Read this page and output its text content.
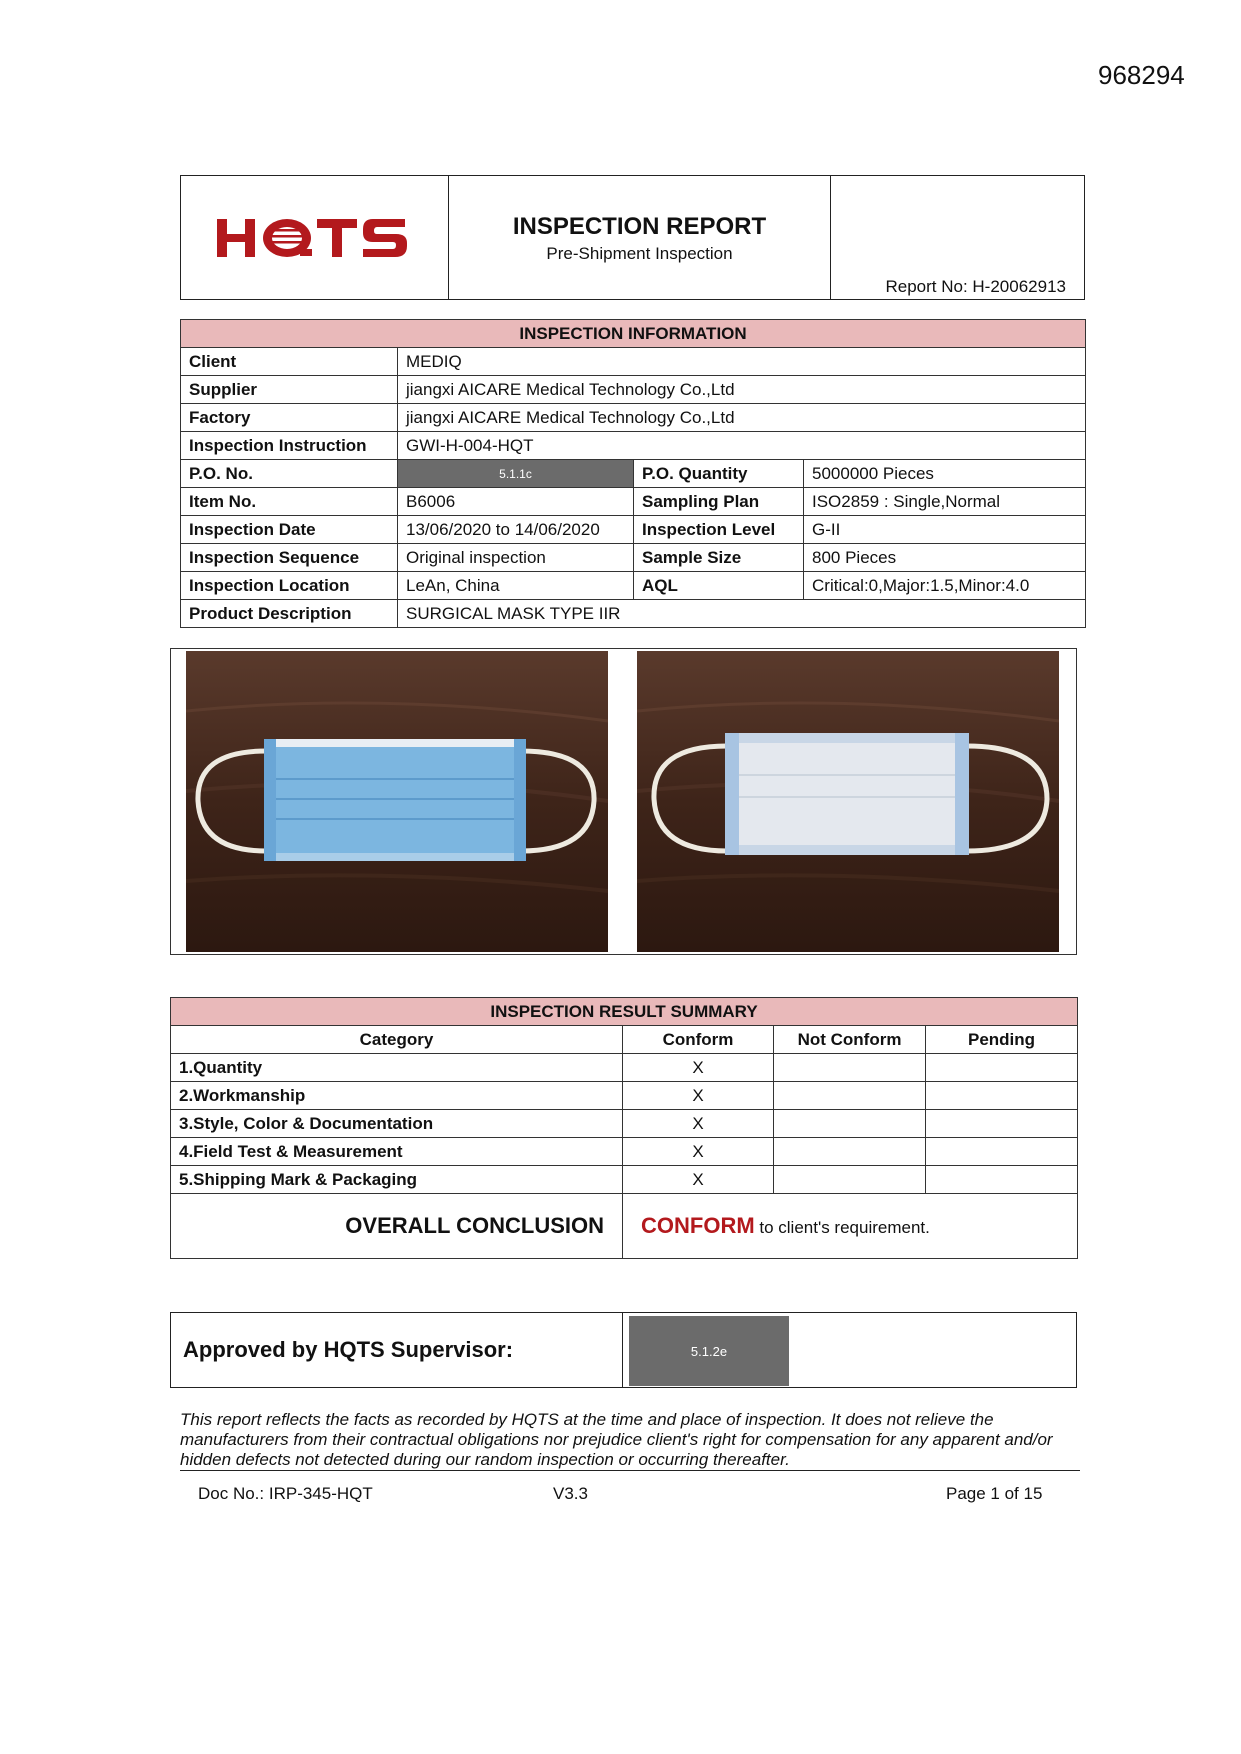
968294
INSPECTION REPORT
Pre-Shipment Inspection
Report No: H-20062913
INSPECTION INFORMATION			
Client	MEDIQ		
Supplier	jiangxi AICARE Medical Technology Co.,Ltd		
Factory	jiangxi AICARE Medical Technology Co.,Ltd		
Inspection Instruction	GWI-H-004-HQT		
P.O. No.	5.1.1c	P.O. Quantity	5000000 Pieces
Item No.	B6006	Sampling Plan	ISO2859 : Single,Normal
Inspection Date	13/06/2020 to 14/06/2020	Inspection Level	G-II
Inspection Sequence	Original inspection	Sample Size	800 Pieces
Inspection Location	LeAn, China	AQL	Critical:0,Major:1.5,Minor:4.0
Product Description	SURGICAL MASK TYPE IIR		
INSPECTION RESULT SUMMARY			
Category	Conform	Not Conform	Pending
1.Quantity	X		
2.Workmanship	X		
3.Style, Color & Documentation	X		
4.Field Test & Measurement	X		
5.Shipping Mark & Packaging	X		
OVERALL CONCLUSION	CONFORM to client's requirement.		
Approved by HQTS Supervisor:	5.1.2e
This report reflects the facts as recorded by HQTS at the time and place of inspection. It does not relieve the manufacturers from their contractual obligations nor prejudice client's right for compensation for any apparent and/or hidden defects not detected during our random inspection or occurring thereafter.
Doc No.: IRP-345-HQT	V3.3	Page 1 of 15
